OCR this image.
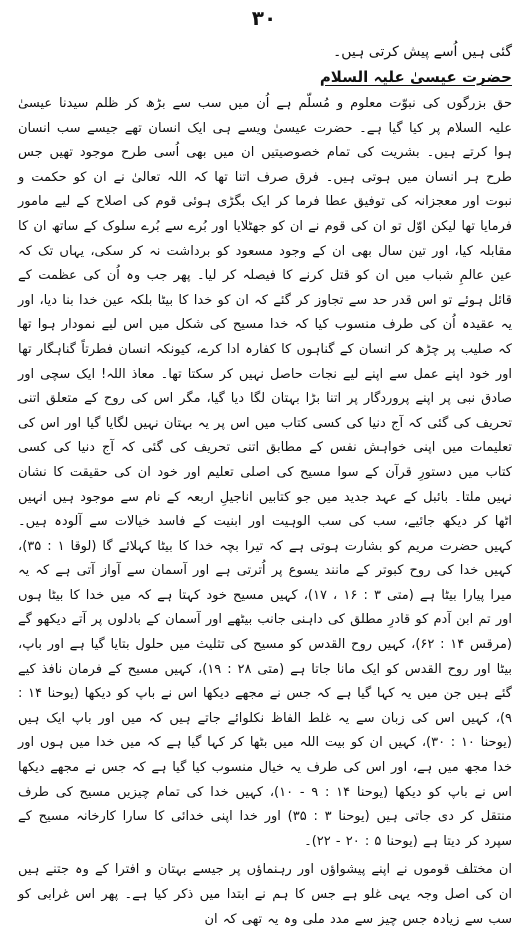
۳۰

گئی ہیں اُسے پیش کرتی ہیں۔

حضرت عیسیٰ علیہ السلام

حق بزرگوں کی نبوّت معلوم و مُسلّم ہے اُن میں سب سے بڑھ کر ظلم سیدنا عیسیٰ علیہ السلام پر کیا گیا ہے۔ حضرت عیسیٰ ویسے ہی ایک انسان تھے جیسے سب انسان ہوا کرتے ہیں۔ بشریت کی تمام خصوصیتیں ان میں بھی اُسی طرح موجود تھیں جس طرح ہر انسان میں ہوتی ہیں۔ فرق صرف اتنا تھا کہ اللہ تعالیٰ نے ان کو حکمت و نبوت اور معجزانہ کی توفیق عطا فرما کر ایک بگڑی ہوئی قوم کی اصلاح کے لیے مامور فرمایا تھا لیکن اوّل تو ان کی قوم نے ان کو جھٹلایا اور بُرے سے بُرے سلوک کے ساتھ ان کا مقابلہ کیا، اور تین سال بھی ان کے وجود مسعود کو برداشت نہ کر سکی، یہاں تک کہ عین عالمِ شباب میں ان کو قتل کرنے کا فیصلہ کر لیا۔ پھر جب وہ اُن کی عظمت کے قائل ہوئے تو اس قدر حد سے تجاوز کر گئے کہ ان کو خدا کا بیٹا بلکہ عین خدا بنا دیا، اور یہ عقیدہ اُن کی طرف منسوب کیا کہ خدا مسیح کی شکل میں اس لیے نمودار ہوا تھا کہ صلیب پر چڑھ کر انسان کے گناہوں کا کفارہ ادا کرے، کیونکہ انسان فطرتاً گناہگار تھا اور خود اپنے عمل سے اپنے لیے نجات حاصل نہیں کر سکتا تھا۔ معاذ اللہ! ایک سچی اور صادق نبی پر اپنے پروردگار پر اتنا بڑا بہتان لگا دیا گیا، مگر اس کی روح کے متعلق اتنی تحریف کی گئی کہ آج دنیا کی کسی کتاب میں اس پر یہ بہتان نہیں لگایا گیا اور اس کی تعلیمات میں اپنی خواہش نفس کے مطابق اتنی تحریف کی گئی کہ آج دنیا کی کسی کتاب میں دستورِ قرآن کے سوا مسیح کی اصلی تعلیم اور خود ان کی حقیقت کا نشان نہیں ملتا۔ بائبل کے عہد جدید میں جو کتابیں اناجیلِ اربعہ کے نام سے موجود ہیں انہیں اٹھا کر دیکھ جائیے، سب کی سب الوہیت اور ابنیت کے فاسد خیالات سے آلودہ ہیں۔ کہیں حضرت مریم کو بشارت ہوتی ہے کہ تیرا بچہ خدا کا بیٹا کہلائے گا (لوقا ۱ : ۳۵)، کہیں خدا کی روح کبوتر کے مانند یسوع پر اُترتی ہے اور آسمان سے آواز آتی ہے کہ یہ میرا پیارا بیٹا ہے (متی ۳ : ۱۶ ، ۱۷)، کہیں مسیح خود کہتا ہے کہ میں خدا کا بیٹا ہوں اور تم ابن آدم کو قادرِ مطلق کی داہنی جانب بیٹھے اور آسمان کے بادلوں پر آتے دیکھو گے (مرقس ۱۴ : ۶۲)، کہیں روح القدس کو مسیح کی تثلیث میں حلول بتایا گیا ہے اور باپ، بیٹا اور روح القدس کو ایک مانا جاتا ہے (متی ۲۸ : ۱۹)، کہیں مسیح کے فرمان نافذ کیے گئے ہیں جن میں یہ کہا گیا ہے کہ جس نے مجھے دیکھا اس نے باپ کو دیکھا (یوحنا ۱۴ : ۹)، کہیں اس کی زبان سے یہ غلط الفاظ نکلوائے جاتے ہیں کہ میں اور باپ ایک ہیں (یوحنا ۱۰ : ۳۰)، کہیں ان کو بیت اللہ میں بٹھا کر کہا گیا ہے کہ میں خدا میں ہوں اور خدا مجھ میں ہے، اور اس کی طرف یہ خیال منسوب کیا گیا ہے کہ جس نے مجھے دیکھا اس نے باپ کو دیکھا (یوحنا ۱۴ : ۹ - ۱۰)، کہیں خدا کی تمام چیزیں مسیح کی طرف منتقل کر دی جاتی ہیں (یوحنا ۳ : ۳۵) اور خدا اپنی خدائی کا سارا کارخانہ مسیح کے سپرد کر دیتا ہے (یوحنا ۵ : ۲۰ - ۲۲)۔

ان مختلف قوموں نے اپنے پیشواؤں اور رہنماؤں پر جیسے بہتان و افترا کے وہ جتنے ہیں ان کی اصل وجہ یہی غلو ہے جس کا ہم نے ابتدا میں ذکر کیا ہے۔ پھر اس غرابی کو سب سے زیادہ جس چیز سے مدد ملی وہ یہ تھی کہ ان
